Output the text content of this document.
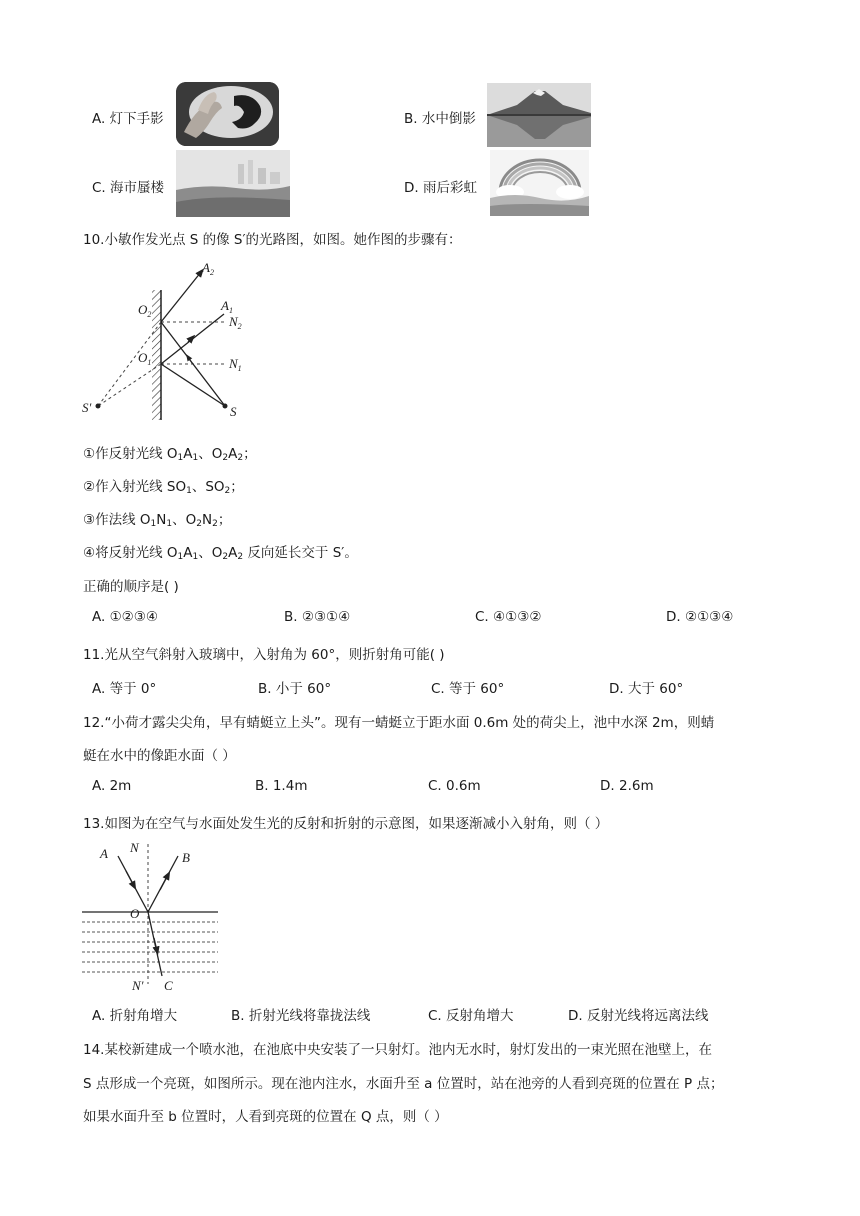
A. 灯下手影	B. 水中倒影
C. 海市蜃楼	D. 雨后彩虹
10.小敏作发光点 S 的像 S′的光路图，如图。她作图的步骤有：
$A_2$
$A_1$
$N_2$
$N_1$
$O_2$
$O_1$
S′	S
①作反射光线 $O_1A_1$、$O_2A_2$；
②作入射光线 $SO_1$、$SO_2$；
③作法线 $O_1N_1$、$O_2N_2$；
④将反射光线 $O_1A_1$、$O_2A_2$ 反向延长交于 S′。
正确的顺序是( )
A. ①②③④	B. ②③①④	C. ④①③②	D. ②①③④
11.光从空气斜射入玻璃中，入射角为 60°，则折射角可能( )
A. 等于 0°	B. 小于 60°	C. 等于 60°	D. 大于 60°
12.“小荷才露尖尖角，早有蜻蜓立上头”。现有一蜻蜓立于距水面 0.6m 处的荷尖上，池中水深 2m，则蜻
蜓在水中的像距水面（ ）
A. 2m	B. 1.4m	C. 0.6m	D. 2.6m
13.如图为在空气与水面处发生光的反射和折射的示意图，如果逐渐减小入射角，则（ ）
A N
B
O
N′ C
A. 折射角增大	B. 折射光线将靠拢法线	C. 反射角增大	D. 反射光线将远离法线
14.某校新建成一个喷水池，在池底中央安装了一只射灯。池内无水时，射灯发出的一束光照在池壁上，在
S 点形成一个亮斑，如图所示。现在池内注水，水面升至 a 位置时，站在池旁的人看到亮斑的位置在 P 点；
如果水面升至 b 位置时，人看到亮斑的位置在 Q 点，则（ ）
